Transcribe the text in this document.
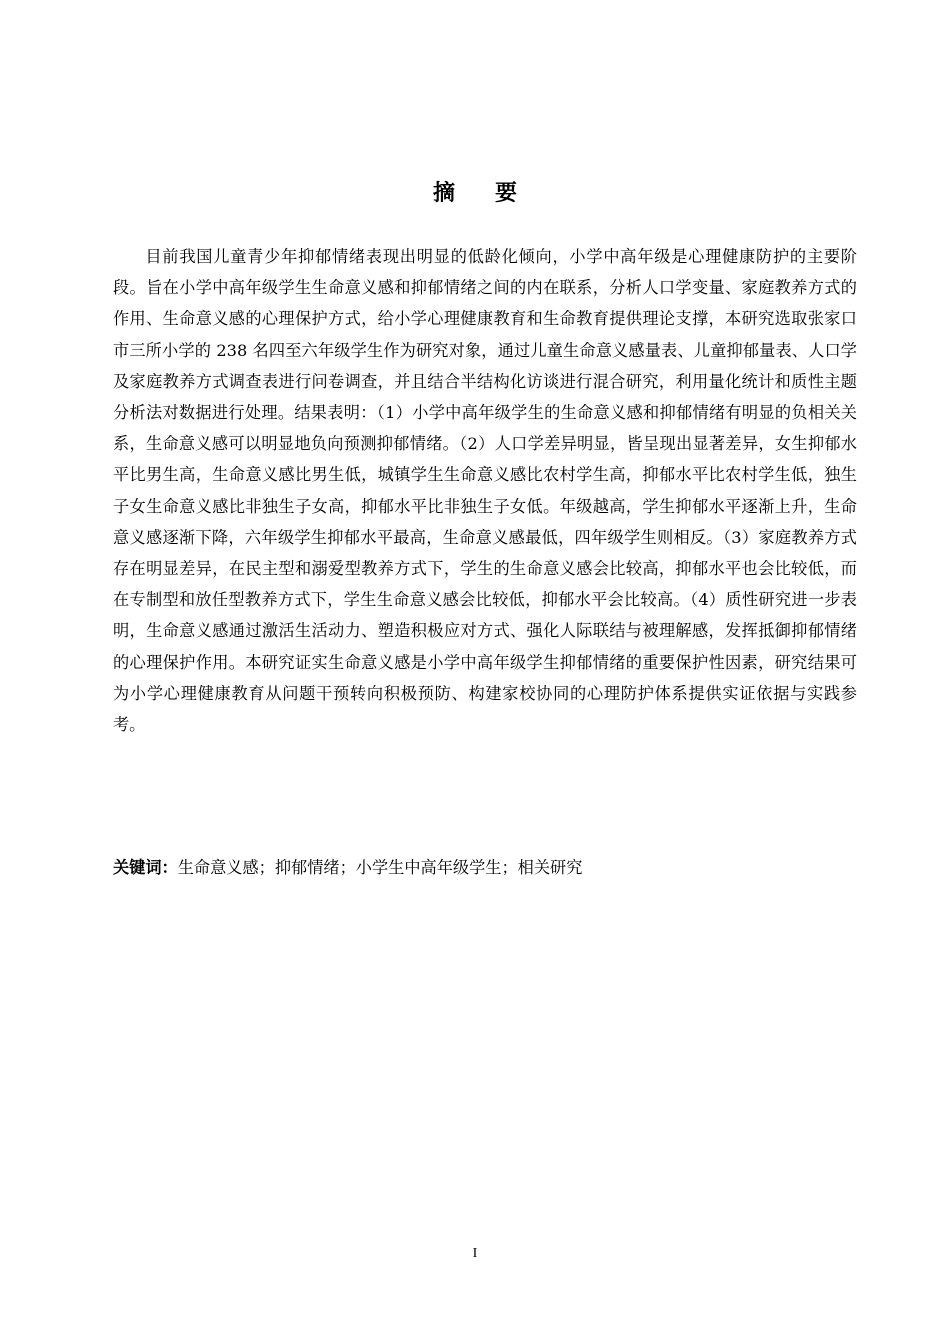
摘 要

目前我国儿童青少年抑郁情绪表现出明显的低龄化倾向，小学中高年级是心理健康防护的主要阶段。旨在小学中高年级学生生命意义感和抑郁情绪之间的内在联系，分析人口学变量、家庭教养方式的作用、生命意义感的心理保护方式，给小学心理健康教育和生命教育提供理论支撑，本研究选取张家口市三所小学的 238 名四至六年级学生作为研究对象，通过儿童生命意义感量表、儿童抑郁量表、人口学及家庭教养方式调查表进行问卷调查，并且结合半结构化访谈进行混合研究，利用量化统计和质性主题分析法对数据进行处理。结果表明：（1）小学中高年级学生的生命意义感和抑郁情绪有明显的负相关关系，生命意义感可以明显地负向预测抑郁情绪。（2）人口学差异明显，皆呈现出显著差异，女生抑郁水平比男生高，生命意义感比男生低，城镇学生生命意义感比农村学生高，抑郁水平比农村学生低，独生子女生命意义感比非独生子女高，抑郁水平比非独生子女低。年级越高，学生抑郁水平逐渐上升，生命意义感逐渐下降，六年级学生抑郁水平最高，生命意义感最低，四年级学生则相反。（3）家庭教养方式存在明显差异，在民主型和溺爱型教养方式下，学生的生命意义感会比较高，抑郁水平也会比较低，而在专制型和放任型教养方式下，学生生命意义感会比较低，抑郁水平会比较高。（4）质性研究进一步表明，生命意义感通过激活生活动力、塑造积极应对方式、强化人际联结与被理解感，发挥抵御抑郁情绪的心理保护作用。本研究证实生命意义感是小学中高年级学生抑郁情绪的重要保护性因素，研究结果可为小学心理健康教育从问题干预转向积极预防、构建家校协同的心理防护体系提供实证依据与实践参考。

关键词：生命意义感；抑郁情绪；小学生中高年级学生；相关研究

I
